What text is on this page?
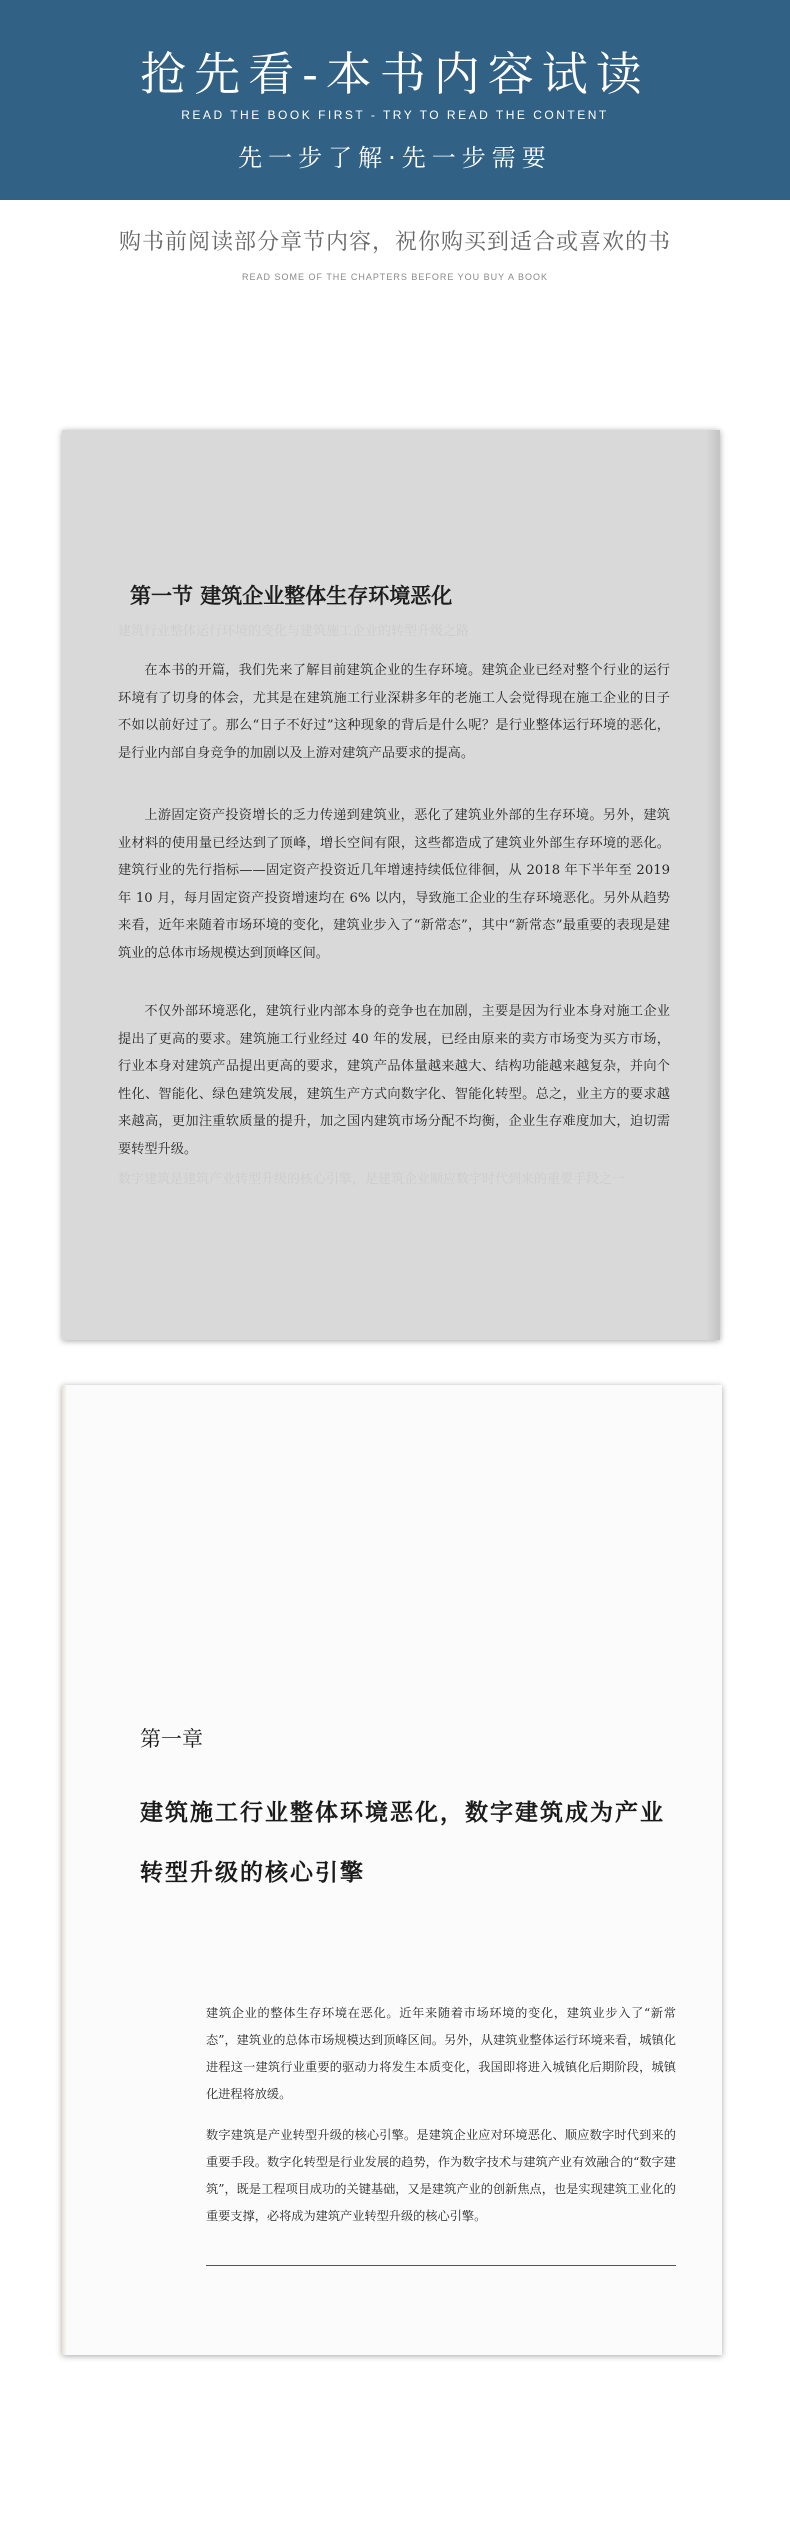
抢先看-本书内容试读
READ THE BOOK FIRST - TRY TO READ THE CONTENT
先一步了解·先一步需要
购书前阅读部分章节内容，祝你购买到适合或喜欢的书
READ SOME OF THE CHAPTERS BEFORE YOU BUY A BOOK
建筑行业整体运行环境的变化与建筑施工企业的转型升级之路
第一节 建筑企业整体生存环境恶化
在本书的开篇，我们先来了解目前建筑企业的生存环境。建筑企业已经对整个行业的运行环境有了切身的体会，尤其是在建筑施工行业深耕多年的老施工人会觉得现在施工企业的日子不如以前好过了。那么“日子不好过”这种现象的背后是什么呢？是行业整体运行环境的恶化，是行业内部自身竞争的加剧以及上游对建筑产品要求的提高。
上游固定资产投资增长的乏力传递到建筑业，恶化了建筑业外部的生存环境。另外，建筑业材料的使用量已经达到了顶峰，增长空间有限，这些都造成了建筑业外部生存环境的恶化。建筑行业的先行指标——固定资产投资近几年增速持续低位徘徊，从 2018 年下半年至 2019 年 10 月，每月固定资产投资增速均在 6% 以内，导致施工企业的生存环境恶化。另外从趋势来看，近年来随着市场环境的变化，建筑业步入了“新常态”，其中“新常态”最重要的表现是建筑业的总体市场规模达到顶峰区间。
不仅外部环境恶化，建筑行业内部本身的竞争也在加剧，主要是因为行业本身对施工企业提出了更高的要求。建筑施工行业经过 40 年的发展，已经由原来的卖方市场变为买方市场，行业本身对建筑产品提出更高的要求，建筑产品体量越来越大、结构功能越来越复杂，并向个性化、智能化、绿色建筑发展，建筑生产方式向数字化、智能化转型。总之，业主方的要求越来越高，更加注重软质量的提升，加之国内建筑市场分配不均衡，企业生存难度加大，迫切需要转型升级。
数字建筑是建筑产业转型升级的核心引擎，是建筑企业顺应数字时代到来的重要手段之一
第一章
建筑施工行业整体环境恶化，数字建筑成为产业转型升级的核心引擎
建筑企业的整体生存环境在恶化。近年来随着市场环境的变化，建筑业步入了“新常态”，建筑业的总体市场规模达到顶峰区间。另外，从建筑业整体运行环境来看，城镇化进程这一建筑行业重要的驱动力将发生本质变化，我国即将进入城镇化后期阶段，城镇化进程将放缓。
数字建筑是产业转型升级的核心引擎。是建筑企业应对环境恶化、顺应数字时代到来的重要手段。数字化转型是行业发展的趋势，作为数字技术与建筑产业有效融合的“数字建筑”，既是工程项目成功的关键基础，又是建筑产业的创新焦点，也是实现建筑工业化的重要支撑，必将成为建筑产业转型升级的核心引擎。
